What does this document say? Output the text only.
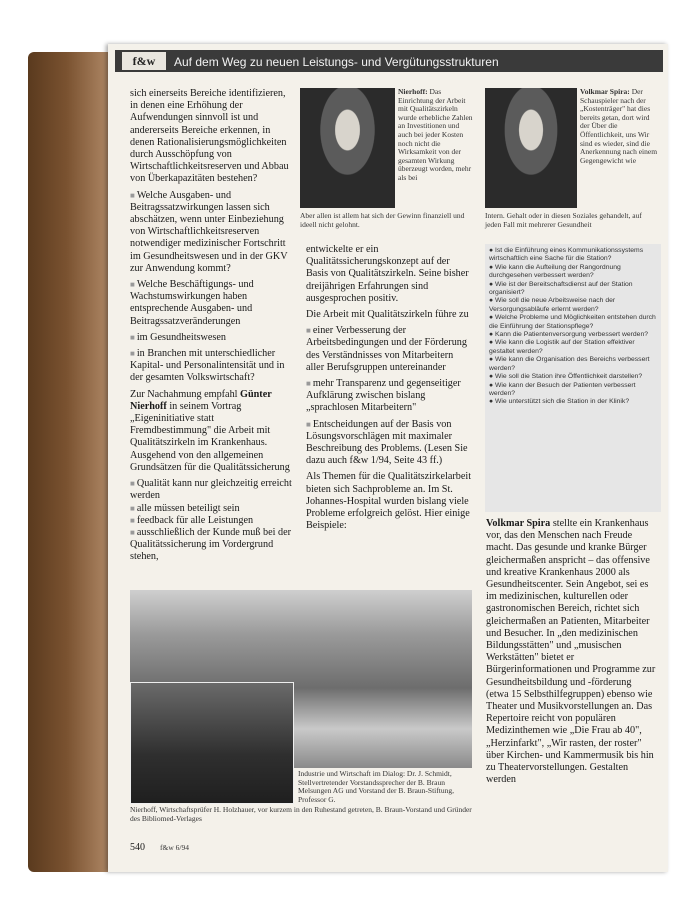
f&w	Auf dem Weg zu neuen Leistungs- und Vergütungsstrukturen

sich einerseits Bereiche identifizieren, in denen eine Erhöhung der Aufwendungen sinnvoll ist und andererseits Bereiche erkennen, in denen Rationalisierungsmöglichkeiten durch Ausschöpfung von Wirtschaftlichkeitsreserven und Abbau von Überkapazitäten bestehen?

■ Welche Ausgaben- und Beitragssatzwirkungen lassen sich abschätzen, wenn unter Einbeziehung von Wirtschaftlichkeitsreserven notwendiger medizinischer Fortschritt im Gesundheitswesen und in der GKV zur Anwendung kommt?

■ Welche Beschäftigungs- und Wachstumswirkungen haben entsprechende Ausgaben- und Beitragssatzveränderungen

■ im Gesundheitswesen

■ in Branchen mit unterschiedlicher Kapital- und Personalintensität und in der gesamten Volkswirtschaft?

Zur Nachahmung empfahl Günter Nierhoff in seinem Vortrag „Eigeninitiative statt Fremdbestimmung" die Arbeit mit Qualitätszirkeln im Krankenhaus. Ausgehend von den allgemeinen Grundsätzen für die Qualitätssicherung

■ Qualität kann nur gleichzeitig erreicht werden

■ alle müssen beteiligt sein

■ feedback für alle Leistungen

■ ausschließlich der Kunde muß bei der Qualitätssicherung im Vordergrund stehen,

Nierhoff: Das Einrichtung der Arbeit mit Qualitätszirkeln wurde erhebliche Zahlen an Investitionen und auch bei jeder Kosten noch nicht die Wirksamkeit von der gesamten Wirkung überzeugt worden, mehr als bei
Aber allen ist allem hat sich der Gewinn finanziell und ideell nicht gelohnt.
Volkmar Spira: Der Schauspieler nach der „Kostenträger" hat dies bereits getan, dort wird der Über die Öffentlichkeit, uns Wir sind es wieder, sind die Anerkennung nach einem Gegengewicht wie
Intern. Gehalt oder in diesen Soziales gehandelt, auf jeden Fall mit mehrerer Gesundheit

entwickelte er ein Qualitätssicherungskonzept auf der Basis von Qualitätszirkeln. Seine bisher dreijährigen Erfahrungen sind ausgesprochen positiv.

Die Arbeit mit Qualitätszirkeln führe zu

■ einer Verbesserung der Arbeitsbedingungen und der Förderung des Verständnisses von Mitarbeitern aller Berufsgruppen untereinander

■ mehr Transparenz und gegenseitiger Aufklärung zwischen bislang „sprachlosen Mitarbeitern"

■ Entscheidungen auf der Basis von Lösungsvorschlägen mit maximaler Beschreibung des Problems. (Lesen Sie dazu auch f&w 1/94, Seite 43 ff.)

Als Themen für die Qualitätszirkelarbeit bieten sich Sachprobleme an. Im St. Johannes-Hospital wurden bislang viele Probleme erfolgreich gelöst. Hier einige Beispiele:

● Ist die Einführung eines Kommunikationssystems wirtschaftlich eine Sache für die Station?
● Wie kann die Aufteilung der Rangordnung durchgesehen verbessert werden?
● Wie ist der Bereitschaftsdienst auf der Station organisiert?
● Wie soll die neue Arbeitsweise nach der Versorgungsabläufe erlernt werden?
● Welche Probleme und Möglichkeiten entstehen durch die Einführung der Stationspflege?
● Kann die Patientenversorgung verbessert werden?
● Wie kann die Logistik auf der Station effektiver gestaltet werden?
● Wie kann die Organisation des Bereichs verbessert werden?
● Wie soll die Station ihre Öffentlichkeit darstellen?
● Wie kann der Besuch der Patienten verbessert werden?
● Wie unterstützt sich die Station in der Klinik?
Volkmar Spira stellte ein Krankenhaus vor, das den Menschen nach Freude macht. Das gesunde und kranke Bürger gleichermaßen anspricht – das offensive und kreative Krankenhaus 2000 als Gesundheitscenter. Sein Angebot, sei es im medizinischen, kulturellen oder gastronomischen Bereich, richtet sich gleichermaßen an Patienten, Mitarbeiter und Besucher. In „den medizinischen Bildungsstätten" und „musischen Werkstätten" bietet er Bürgerinformationen und Programme zur Gesundheitsbildung und -förderung (etwa 15 Selbsthilfegruppen) ebenso wie Theater und Musikvorstellungen an. Das Repertoire reicht von populären Medizinthemen wie „Die Frau ab 40", „Herzinfarkt", „Wir rasten, der roster" über Kirchen- und Kammermusik bis hin zu Theatervorstellungen. Gestalten werden
Industrie und Wirtschaft im Dialog: Dr. J. Schmidt, Stellvertretender Vorstandssprecher der B. Braun Melsungen AG und Vorstand der B. Braun-Stiftung, Professor G.
Nierhoff, Wirtschaftsprüfer H. Holzhauer, vor kurzem in den Ruhestand getreten, B. Braun-Vorstand und Gründer des Bibliomed-Verlages
540 f&w 6/94
